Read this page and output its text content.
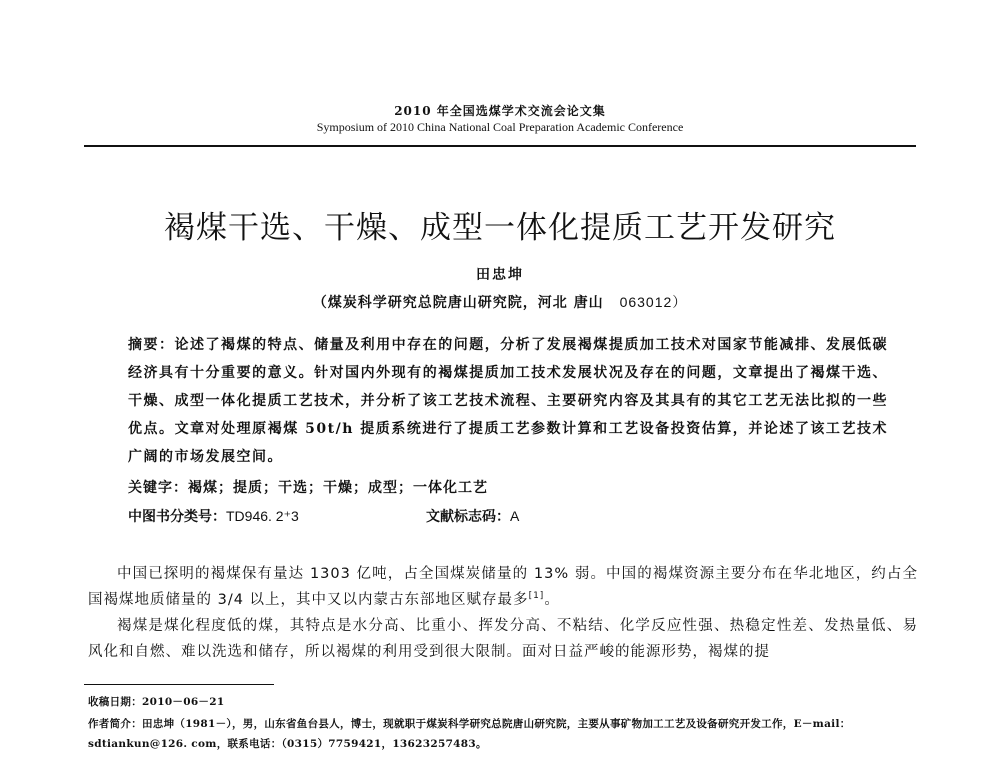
2010 年全国选煤学术交流会论文集
Symposium of 2010 China National Coal Preparation Academic Conference
褐煤干选、干燥、成型一体化提质工艺开发研究
田忠坤
（煤炭科学研究总院唐山研究院，河北 唐山 063012）
摘要：论述了褐煤的特点、储量及利用中存在的问题，分析了发展褐煤提质加工技术对国家节能减排、发展低碳经济具有十分重要的意义。针对国内外现有的褐煤提质加工技术发展状况及存在的问题，文章提出了褐煤干选、干燥、成型一体化提质工艺技术，并分析了该工艺技术流程、主要研究内容及其具有的其它工艺无法比拟的一些优点。文章对处理原褐煤 50t/h 提质系统进行了提质工艺参数计算和工艺设备投资估算，并论述了该工艺技术广阔的市场发展空间。
关键字：褐煤；提质；干选；干燥；成型；一体化工艺
中图书分类号：TD946. 2⁺3	文献标志码：A

中国已探明的褐煤保有量达 1303 亿吨，占全国煤炭储量的 13% 弱。中国的褐煤资源主要分布在华北地区，约占全国褐煤地质储量的 3/4 以上，其中又以内蒙古东部地区赋存最多[1]。

褐煤是煤化程度低的煤，其特点是水分高、比重小、挥发分高、不粘结、化学反应性强、热稳定性差、发热量低、易风化和自燃、难以洗选和储存，所以褐煤的利用受到很大限制。面对日益严峻的能源形势，褐煤的提

收稿日期：2010－06－21
作者简介：田忠坤（1981－），男，山东省鱼台县人，博士，现就职于煤炭科学研究总院唐山研究院，主要从事矿物加工工艺及设备研究开发工作，E－mail：sdtiankun@126. com，联系电话：（0315）7759421，13623257483。
